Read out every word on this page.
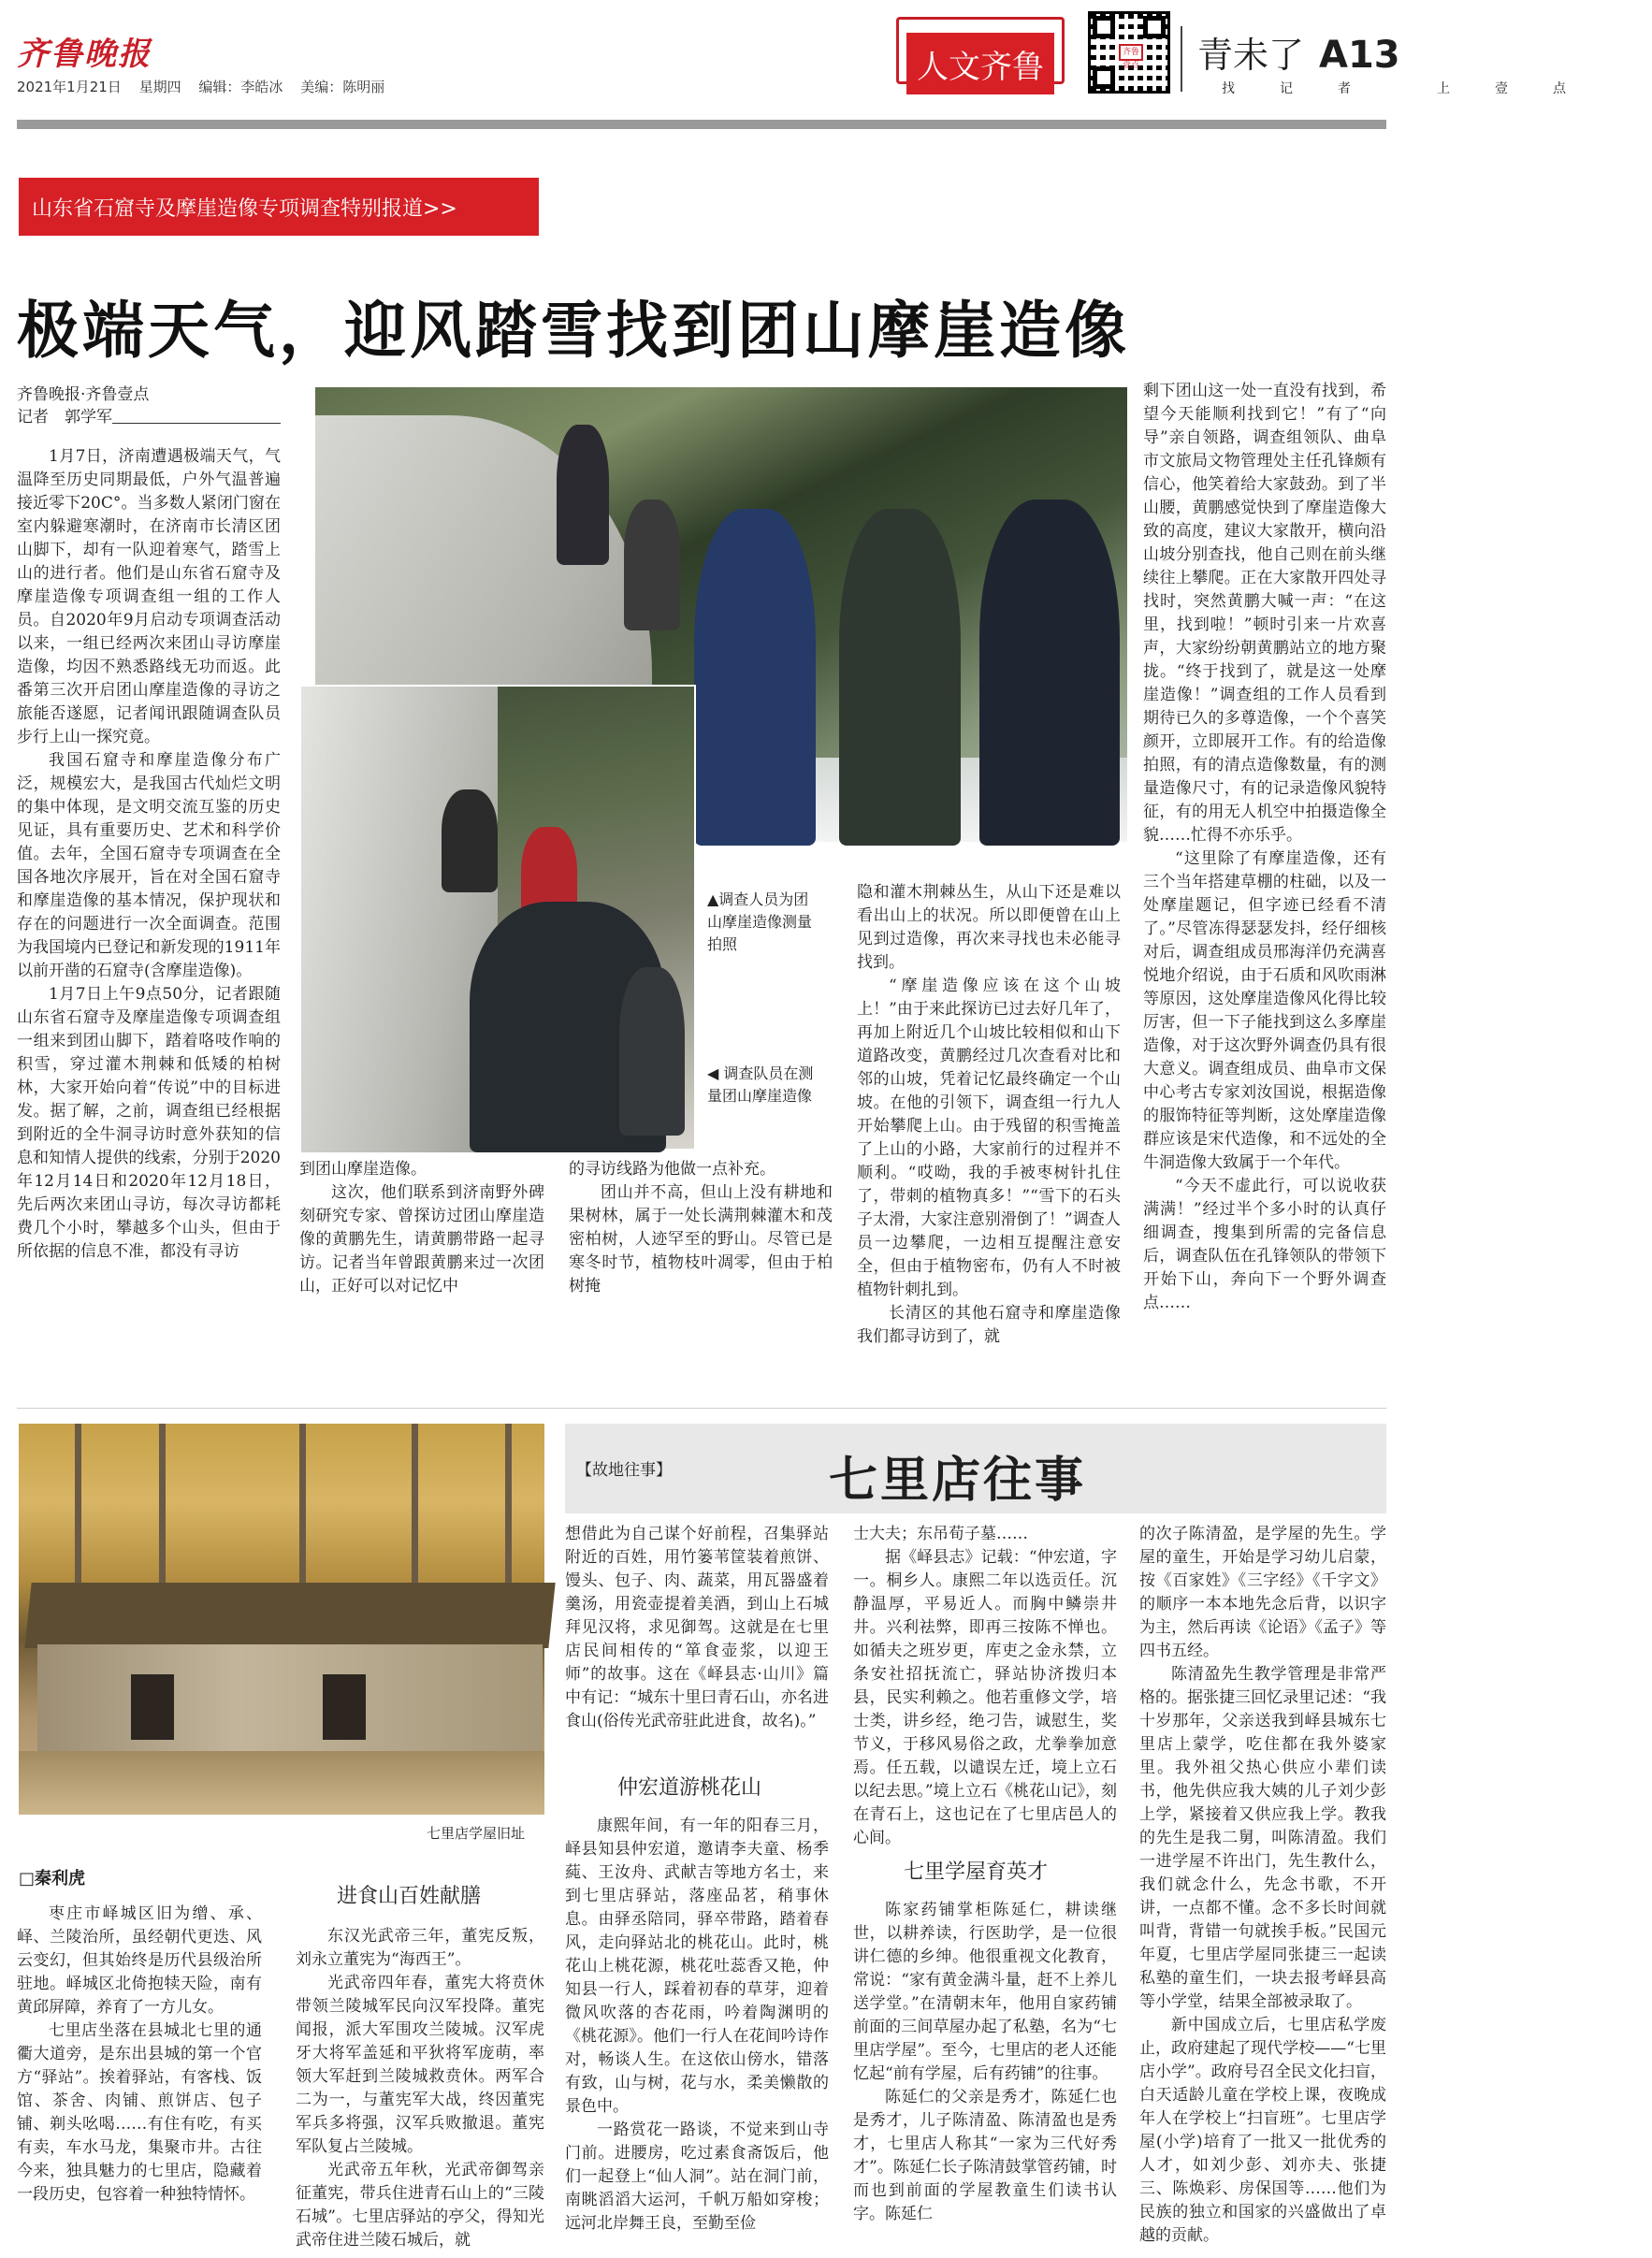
齐鲁晚报
2021年1月21日 星期四 编辑：李皓冰 美编：陈明丽
人文齐鲁	齐鲁壹点 青未了 A13
找	记	者	上	壹	点
山东省石窟寺及摩崖造像专项调查特别报道>>
极端天气，迎风踏雪找到团山摩崖造像
齐鲁晚报·齐鲁壹点
记者　郭学军

1月7日，济南遭遇极端天气，气温降至历史同期最低，户外气温普遍接近零下20C°。当多数人紧闭门窗在室内躲避寒潮时，在济南市长清区团山脚下，却有一队迎着寒气，踏雪上山的进行者。他们是山东省石窟寺及摩崖造像专项调查组一组的工作人员。自2020年9月启动专项调查活动以来，一组已经两次来团山寻访摩崖造像，均因不熟悉路线无功而返。此番第三次开启团山摩崖造像的寻访之旅能否遂愿，记者闻讯跟随调查队员步行上山一探究竟。

我国石窟寺和摩崖造像分布广泛，规模宏大，是我国古代灿烂文明的集中体现，是文明交流互鉴的历史见证，具有重要历史、艺术和科学价值。去年，全国石窟寺专项调查在全国各地次序展开，旨在对全国石窟寺和摩崖造像的基本情况，保护现状和存在的问题进行一次全面调查。范围为我国境内已登记和新发现的1911年以前开凿的石窟寺(含摩崖造像)。

1月7日上午9点50分，记者跟随山东省石窟寺及摩崖造像专项调查组一组来到团山脚下，踏着咯吱作响的积雪，穿过灌木荆棘和低矮的柏树林，大家开始向着“传说”中的目标进发。据了解，之前，调查组已经根据到附近的全牛洞寻访时意外获知的信息和知情人提供的线索，分别于2020年12月14日和2020年12月18日，先后两次来团山寻访，每次寻访都耗费几个小时，攀越多个山头，但由于所依据的信息不准，都没有寻访

▲调查人员为团山摩崖造像测量拍照
◀ 调查队员在测量团山摩崖造像

到团山摩崖造像。

这次，他们联系到济南野外碑刻研究专家、曾探访过团山摩崖造像的黄鹏先生，请黄鹏带路一起寻访。记者当年曾跟黄鹏来过一次团山，正好可以对记忆中

的寻访线路为他做一点补充。

团山并不高，但山上没有耕地和果树林，属于一处长满荆棘灌木和茂密柏树，人迹罕至的野山。尽管已是寒冬时节，植物枝叶凋零，但由于柏树掩

隐和灌木荆棘丛生，从山下还是难以看出山上的状况。所以即便曾在山上见到过造像，再次来寻找也未必能寻找到。

“摩崖造像应该在这个山坡上！”由于来此探访已过去好几年了，再加上附近几个山坡比较相似和山下道路改变，黄鹏经过几次查看对比和邻的山坡，凭着记忆最终确定一个山坡。在他的引领下，调查组一行九人开始攀爬上山。由于残留的积雪掩盖了上山的小路，大家前行的过程并不顺利。“哎呦，我的手被枣树针扎住了，带刺的植物真多！”“雪下的石头子太滑，大家注意别滑倒了！”调查人员一边攀爬，一边相互提醒注意安全，但由于植物密布，仍有人不时被植物针刺扎到。

长清区的其他石窟寺和摩崖造像我们都寻访到了，就

剩下团山这一处一直没有找到，希望今天能顺利找到它！”有了“向导”亲自领路，调查组领队、曲阜市文旅局文物管理处主任孔锋颇有信心，他笑着给大家鼓劲。到了半山腰，黄鹏感觉快到了摩崖造像大致的高度，建议大家散开，横向沿山坡分别查找，他自己则在前头继续往上攀爬。正在大家散开四处寻找时，突然黄鹏大喊一声：“在这里，找到啦！”顿时引来一片欢喜声，大家纷纷朝黄鹏站立的地方聚拢。“终于找到了，就是这一处摩崖造像！”调查组的工作人员看到期待已久的多尊造像，一个个喜笑颜开，立即展开工作。有的给造像拍照，有的清点造像数量，有的测量造像尺寸，有的记录造像风貌特征，有的用无人机空中拍摄造像全貌……忙得不亦乐乎。

“这里除了有摩崖造像，还有三个当年搭建草棚的柱础，以及一处摩崖题记，但字迹已经看不清了。”尽管冻得瑟瑟发抖，经仔细核对后，调查组成员邢海洋仍充满喜悦地介绍说，由于石质和风吹雨淋等原因，这处摩崖造像风化得比较厉害，但一下子能找到这么多摩崖造像，对于这次野外调查仍具有很大意义。调查组成员、曲阜市文保中心考古专家刘汝国说，根据造像的服饰特征等判断，这处摩崖造像群应该是宋代造像，和不远处的全牛洞造像大致属于一个年代。

“今天不虚此行，可以说收获满满！”经过半个多小时的认真仔细调查，搜集到所需的完备信息后，调查队伍在孔锋领队的带领下开始下山，奔向下一个野外调查点……

七里店学屋旧址
【故地往事】	七里店往事
□秦利虎

枣庄市峄城区旧为缯、承、峄、兰陵治所，虽经朝代更迭、风云变幻，但其始终是历代县级治所驻地。峄城区北倚抱犊天险，南有黄邱屏障，养育了一方儿女。

七里店坐落在县城北七里的通衢大道旁，是东出县城的第一个官方“驿站”。挨着驿站，有客栈、饭馆、茶舍、肉铺、煎饼店、包子铺、剃头吆喝……有住有吃，有买有卖，车水马龙，集聚市井。古往今来，独具魅力的七里店，隐藏着一段历史，包容着一种独特情怀。

进食山百姓献膳

东汉光武帝三年，董宪反叛，刘永立董宪为“海西王”。

光武帝四年春，董宪大将贲休带领兰陵城军民向汉军投降。董宪闻报，派大军围攻兰陵城。汉军虎牙大将军盖延和平狄将军庞萌，率领大军赶到兰陵城救贲休。两军合二为一，与董宪军大战，终因董宪军兵多将强，汉军兵败撤退。董宪军队复占兰陵城。

光武帝五年秋，光武帝御驾亲征董宪，带兵住进青石山上的“三陵石城”。七里店驿站的亭父，得知光武帝住进兰陵石城后，就

想借此为自己谋个好前程，召集驿站附近的百姓，用竹篓苇筐装着煎饼、馒头、包子、肉、蔬菜，用瓦器盛着羹汤，用瓷壶提着美酒，到山上石城拜见汉将，求见御驾。这就是在七里店民间相传的“箪食壶浆，以迎王师”的故事。这在《峄县志·山川》篇中有记：“城东十里曰青石山，亦名进食山(俗传光武帝驻此进食，故名)。”

仲宏道游桃花山

康熙年间，有一年的阳春三月，峄县知县仲宏道，邀请李夫童、杨季蒓、王汝舟、武献吉等地方名士，来到七里店驿站，落座品茗，稍事休息。由驿丞陪同，驿卒带路，踏着春风，走向驿站北的桃花山。此时，桃花山上桃花源，桃花吐蕊香又艳，仲知县一行人，踩着初春的草芽，迎着微风吹落的杏花雨，吟着陶渊明的《桃花源》。他们一行人在花间吟诗作对，畅谈人生。在这依山傍水，错落有致，山与树，花与水，柔美懒散的景色中。

一路赏花一路谈，不觉来到山寺门前。进腰房，吃过素食斋饭后，他们一起登上“仙人洞”。站在洞门前，南眺滔滔大运河，千帆万船如穿梭；远河北岸舞王良，至勤至俭

士大夫；东吊荀子墓……

据《峄县志》记载：“仲宏道，字一。桐乡人。康熙二年以选贡任。沉静温厚，平易近人。而胸中鳞崇井井。兴利祛弊，即再三按陈不惮也。如循夫之班岁更，库吏之金永禁，立条安社招抚流亡，驿站协济拨归本县，民实利赖之。他若重修文学，培士类，讲乡经，绝刁告，诚慰生，奖节义，于移风易俗之政，尤拳拳加意焉。任五载，以谴误左迁，境上立石以纪去思。”境上立石《桃花山记》，刻在青石上，这也记在了七里店邑人的心间。

七里学屋育英才

陈家药铺掌柜陈延仁，耕读继世，以耕养读，行医助学，是一位很讲仁德的乡绅。他很重视文化教育，常说：“家有黄金满斗量，赶不上养儿送学堂。”在清朝末年，他用自家药铺前面的三间草屋办起了私塾，名为“七里店学屋”。至今，七里店的老人还能忆起“前有学屋，后有药铺”的往事。

陈延仁的父亲是秀才，陈延仁也是秀才，儿子陈清盈、陈清盈也是秀才，七里店人称其“一家为三代好秀才”。陈延仁长子陈清鼓掌管药铺，时而也到前面的学屋教童生们读书认字。陈延仁

的次子陈清盈，是学屋的先生。学屋的童生，开始是学习幼儿启蒙，按《百家姓》《三字经》《千字文》的顺序一本本地先念后背，以识字为主，然后再读《论语》《孟子》等四书五经。

陈清盈先生教学管理是非常严格的。据张捷三回忆录里记述：“我十岁那年，父亲送我到峄县城东七里店上蒙学，吃住都在我外婆家里。我外祖父热心供应小辈们读书，他先供应我大姨的儿子刘少彭上学，紧接着又供应我上学。教我的先生是我二舅，叫陈清盈。我们一进学屋不许出门，先生教什么，我们就念什么，先念书歌，不开讲，一点都不懂。念不多长时间就叫背，背错一句就挨手板。”民国元年夏，七里店学屋同张捷三一起读私塾的童生们，一块去报考峄县高等小学堂，结果全部被录取了。

新中国成立后，七里店私学废止，政府建起了现代学校——“七里店小学”。政府号召全民文化扫盲，白天适龄儿童在学校上课，夜晚成年人在学校上“扫盲班”。七里店学屋(小学)培育了一批又一批优秀的人才，如刘少彭、刘亦夫、张捷三、陈焕彩、房保国等……他们为民族的独立和国家的兴盛做出了卓越的贡献。
